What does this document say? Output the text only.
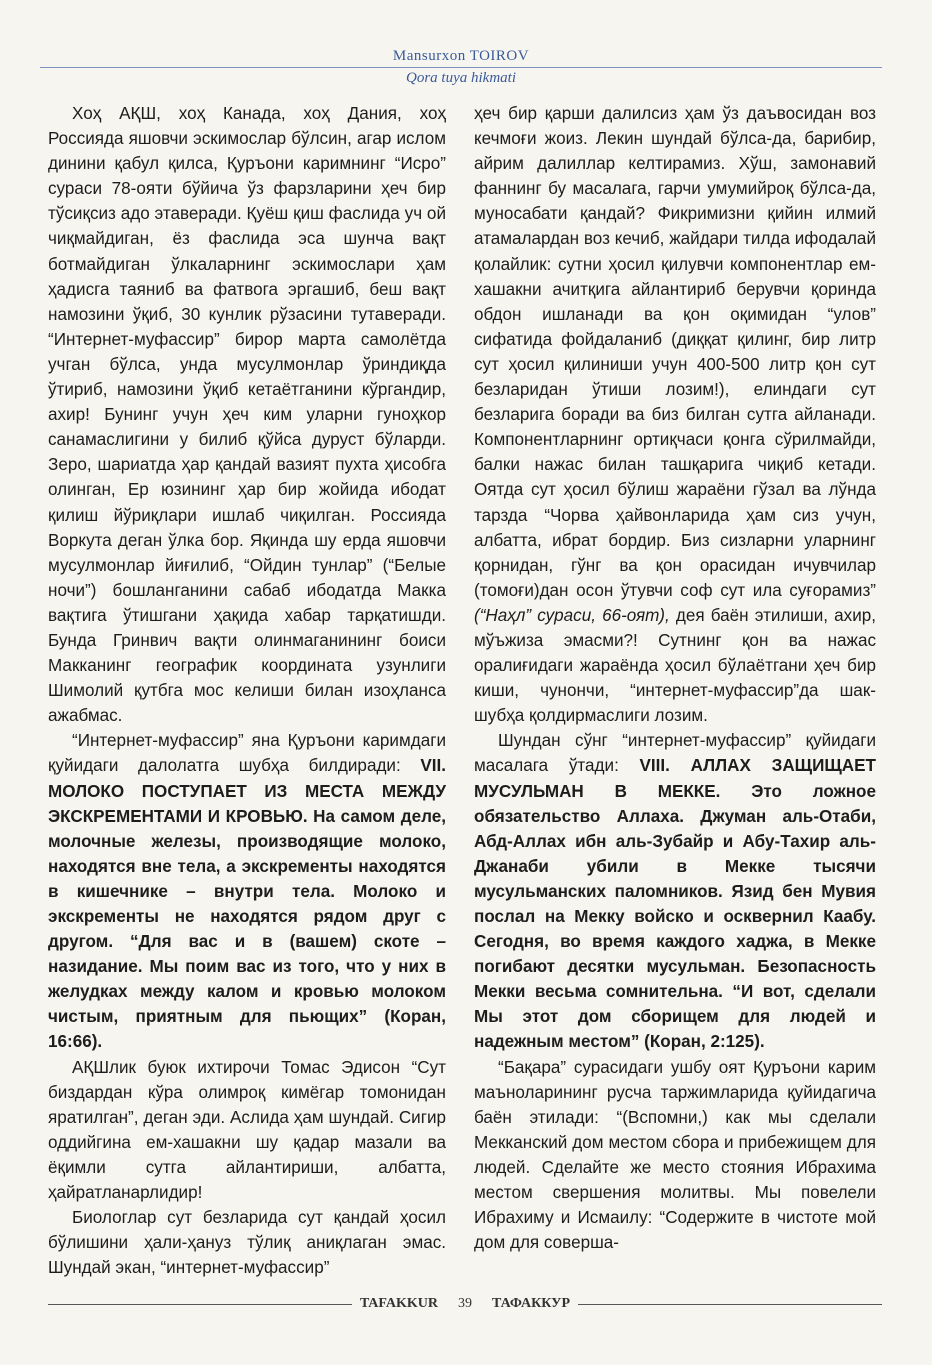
Mansurxon TOIROV
Qora tuya hikmati

Хоҳ АҚШ, хоҳ Канада, хоҳ Дания, хоҳ Россияда яшовчи эскимослар бўлсин, агар ислом динини қабул қилса, Қуръони каримнинг “Исро” сураси 78-ояти бўйича ўз фарзларини ҳеч бир тўсиқсиз адо этаверади. Қуёш қиш фаслида уч ой чиқмайдиган, ёз фаслида эса шунча вақт ботмайдиган ўлкаларнинг эскимослари ҳам ҳадисга таяниб ва фатвога эргашиб, беш вақт намозини ўқиб, 30 кунлик рўзасини тутаверади. “Интернет-муфассир” бирор марта самолётда учган бўлса, унда мусулмонлар ўриндиқда ўтириб, намозини ўқиб кетаётганини кўргандир, ахир! Бунинг учун ҳеч ким уларни гуноҳкор санамаслигини у билиб қўйса дуруст бўларди. Зеро, шариатда ҳар қандай вазият пухта ҳисобга олинган, Ер юзининг ҳар бир жойида ибодат қилиш йўриқлари ишлаб чиқилган. Россияда Воркута деган ўлка бор. Яқинда шу ерда яшовчи мусулмонлар йиғилиб, “Ойдин тунлар” (“Белые ночи”) бошланганини сабаб ибодатда Макка вақтига ўтишгани ҳақида хабар тарқатишди. Бунда Гринвич вақти олинмаганининг боиси Макканинг географик координата узунлиги Шимолий қутбга мос келиши билан изоҳланса ажабмас.

“Интернет-муфассир” яна Қуръони каримдаги қуйидаги далолатга шубҳа билдиради: VII. МОЛОКО ПОСТУПАЕТ ИЗ МЕСТА МЕЖДУ ЭКСКРЕМЕНТАМИ И КРОВЬЮ. На самом деле, молочные железы, производящие молоко, находятся вне тела, а экскременты находятся в кишечнике – внутри тела. Молоко и экскременты не находятся рядом друг с другом. “Для вас и в (вашем) скоте – назидание. Мы поим вас из того, что у них в желудках между калом и кровью молоком чистым, приятным для пьющих” (Коран, 16:66).

АҚШлик буюк ихтирочи Томас Эдисон “Сут биздардан кўра олимроқ кимёгар томонидан яратилган”, деган эди. Аслида ҳам шундай. Сигир оддийгина ем-хашакни шу қадар мазали ва ёқимли сутга айлантириши, албатта, ҳайратланарлидир!

Биологлар сут безларида сут қандай ҳосил бўлишини ҳали-ҳануз тўлиқ аниқлаган эмас. Шундай экан, “интернет-муфассир”

ҳеч бир қарши далилсиз ҳам ўз даъвосидан воз кечмоғи жоиз. Лекин шундай бўлса-да, барибир, айрим далиллар келтирамиз. Хўш, замонавий фаннинг бу масалага, гарчи умумийроқ бўлса-да, муносабати қандай? Фикримизни қийин илмий атамалардан воз кечиб, жайдари тилда ифодалай қолайлик: сутни ҳосил қилувчи компонентлар ем-хашакни ачитқига айлантириб берувчи қоринда обдон ишланади ва қон оқимидан “улов” сифатида фойдаланиб (диққат қилинг, бир литр сут ҳосил қилиниши учун 400-500 литр қон сут безларидан ўтиши лозим!), елиндаги сут безларига боради ва биз билган сутга айланади. Компонентларнинг ортиқчаси қонга сўрилмайди, балки нажас билан ташқарига чиқиб кетади. Оятда сут ҳосил бўлиш жараёни гўзал ва лўнда тарзда “Чорва ҳайвонларида ҳам сиз учун, албатта, ибрат бордир. Биз сизларни уларнинг қорнидан, гўнг ва қон орасидан ичувчилар (томоғи)дан осон ўтувчи соф сут ила суғорамиз” (“Наҳл” сураси, 66-оят), дея баён этилиши, ахир, мўъжиза эмасми?! Сутнинг қон ва нажас оралиғидаги жараёнда ҳосил бўлаётгани ҳеч бир киши, чунончи, “интернет-муфассир”да шак-шубҳа қолдирмаслиги лозим.

Шундан сўнг “интернет-муфассир” қуйидаги масалага ўтади: VIII. АЛЛАХ ЗАЩИЩАЕТ МУСУЛЬМАН В МЕККЕ. Это ложное обязательство Аллаха. Джуман аль-Отаби, Абд-Аллах ибн аль-Зубайр и Абу-Тахир аль-Джанаби убили в Мекке тысячи мусульманских паломников. Язид бен Мувия послал на Мекку войско и осквернил Каабу. Сегодня, во время каждого хаджа, в Мекке погибают десятки мусульман. Безопасность Мекки весьма сомнительна. “И вот, сделали Мы этот дом сборищем для людей и надежным местом” (Коран, 2:125).

“Бақара” сурасидаги ушбу оят Қуръони карим маъноларининг русча таржимларида қуйидагича баён этилади: “(Вспомни,) как мы сделали Мекканский дом местом сбора и прибежищем для людей. Сделайте же место стояния Ибрахима местом свершения молитвы. Мы повелели Ибрахиму и Исмаилу: “Содержите в чистоте мой дом для соверша-

TAFAKKUR	39	ТАФАККУР
